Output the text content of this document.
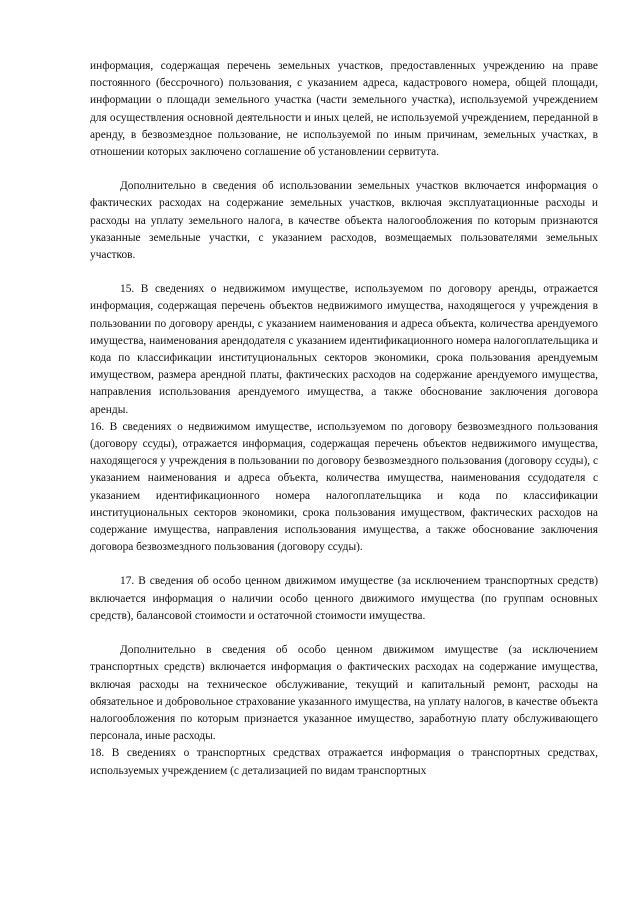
информация, содержащая перечень земельных участков, предоставленных учреждению на праве постоянного (бессрочного) пользования, с указанием адреса, кадастрового номера, общей площади, информации о площади земельного участка (части земельного участка), используемой учреждением для осуществления основной деятельности и иных целей, не используемой учреждением, переданной в аренду, в безвозмездное пользование, не используемой по иным причинам, земельных участках, в отношении которых заключено соглашение об установлении сервитута.

Дополнительно в сведения об использовании земельных участков включается информация о фактических расходах на содержание земельных участков, включая эксплуатационные расходы и расходы на уплату земельного налога, в качестве объекта налогообложения по которым признаются указанные земельные участки, с указанием расходов, возмещаемых пользователями земельных участков.

15. В сведениях о недвижимом имуществе, используемом по договору аренды, отражается информация, содержащая перечень объектов недвижимого имущества, находящегося у учреждения в пользовании по договору аренды, с указанием наименования и адреса объекта, количества арендуемого имущества, наименования арендодателя с указанием идентификационного номера налогоплательщика и кода по классификации институциональных секторов экономики, срока пользования арендуемым имуществом, размера арендной платы, фактических расходов на содержание арендуемого имущества, направления использования арендуемого имущества, а также обоснование заключения договора аренды.

16. В сведениях о недвижимом имуществе, используемом по договору безвозмездного пользования (договору ссуды), отражается информация, содержащая перечень объектов недвижимого имущества, находящегося у учреждения в пользовании по договору безвозмездного пользования (договору ссуды), с указанием наименования и адреса объекта, количества имущества, наименования ссудодателя с указанием идентификационного номера налогоплательщика и кода по классификации институциональных секторов экономики, срока пользования имуществом, фактических расходов на содержание имущества, направления использования имущества, а также обоснование заключения договора безвозмездного пользования (договору ссуды).

17. В сведения об особо ценном движимом имуществе (за исключением транспортных средств) включается информация о наличии особо ценного движимого имущества (по группам основных средств), балансовой стоимости и остаточной стоимости имущества.

Дополнительно в сведения об особо ценном движимом имуществе (за исключением транспортных средств) включается информация о фактических расходах на содержание имущества, включая расходы на техническое обслуживание, текущий и капитальный ремонт, расходы на обязательное и добровольное страхование указанного имущества, на уплату налогов, в качестве объекта налогообложения по которым признается указанное имущество, заработную плату обслуживающего персонала, иные расходы.

18. В сведениях о транспортных средствах отражается информация о транспортных средствах, используемых учреждением (с детализацией по видам транспортных
